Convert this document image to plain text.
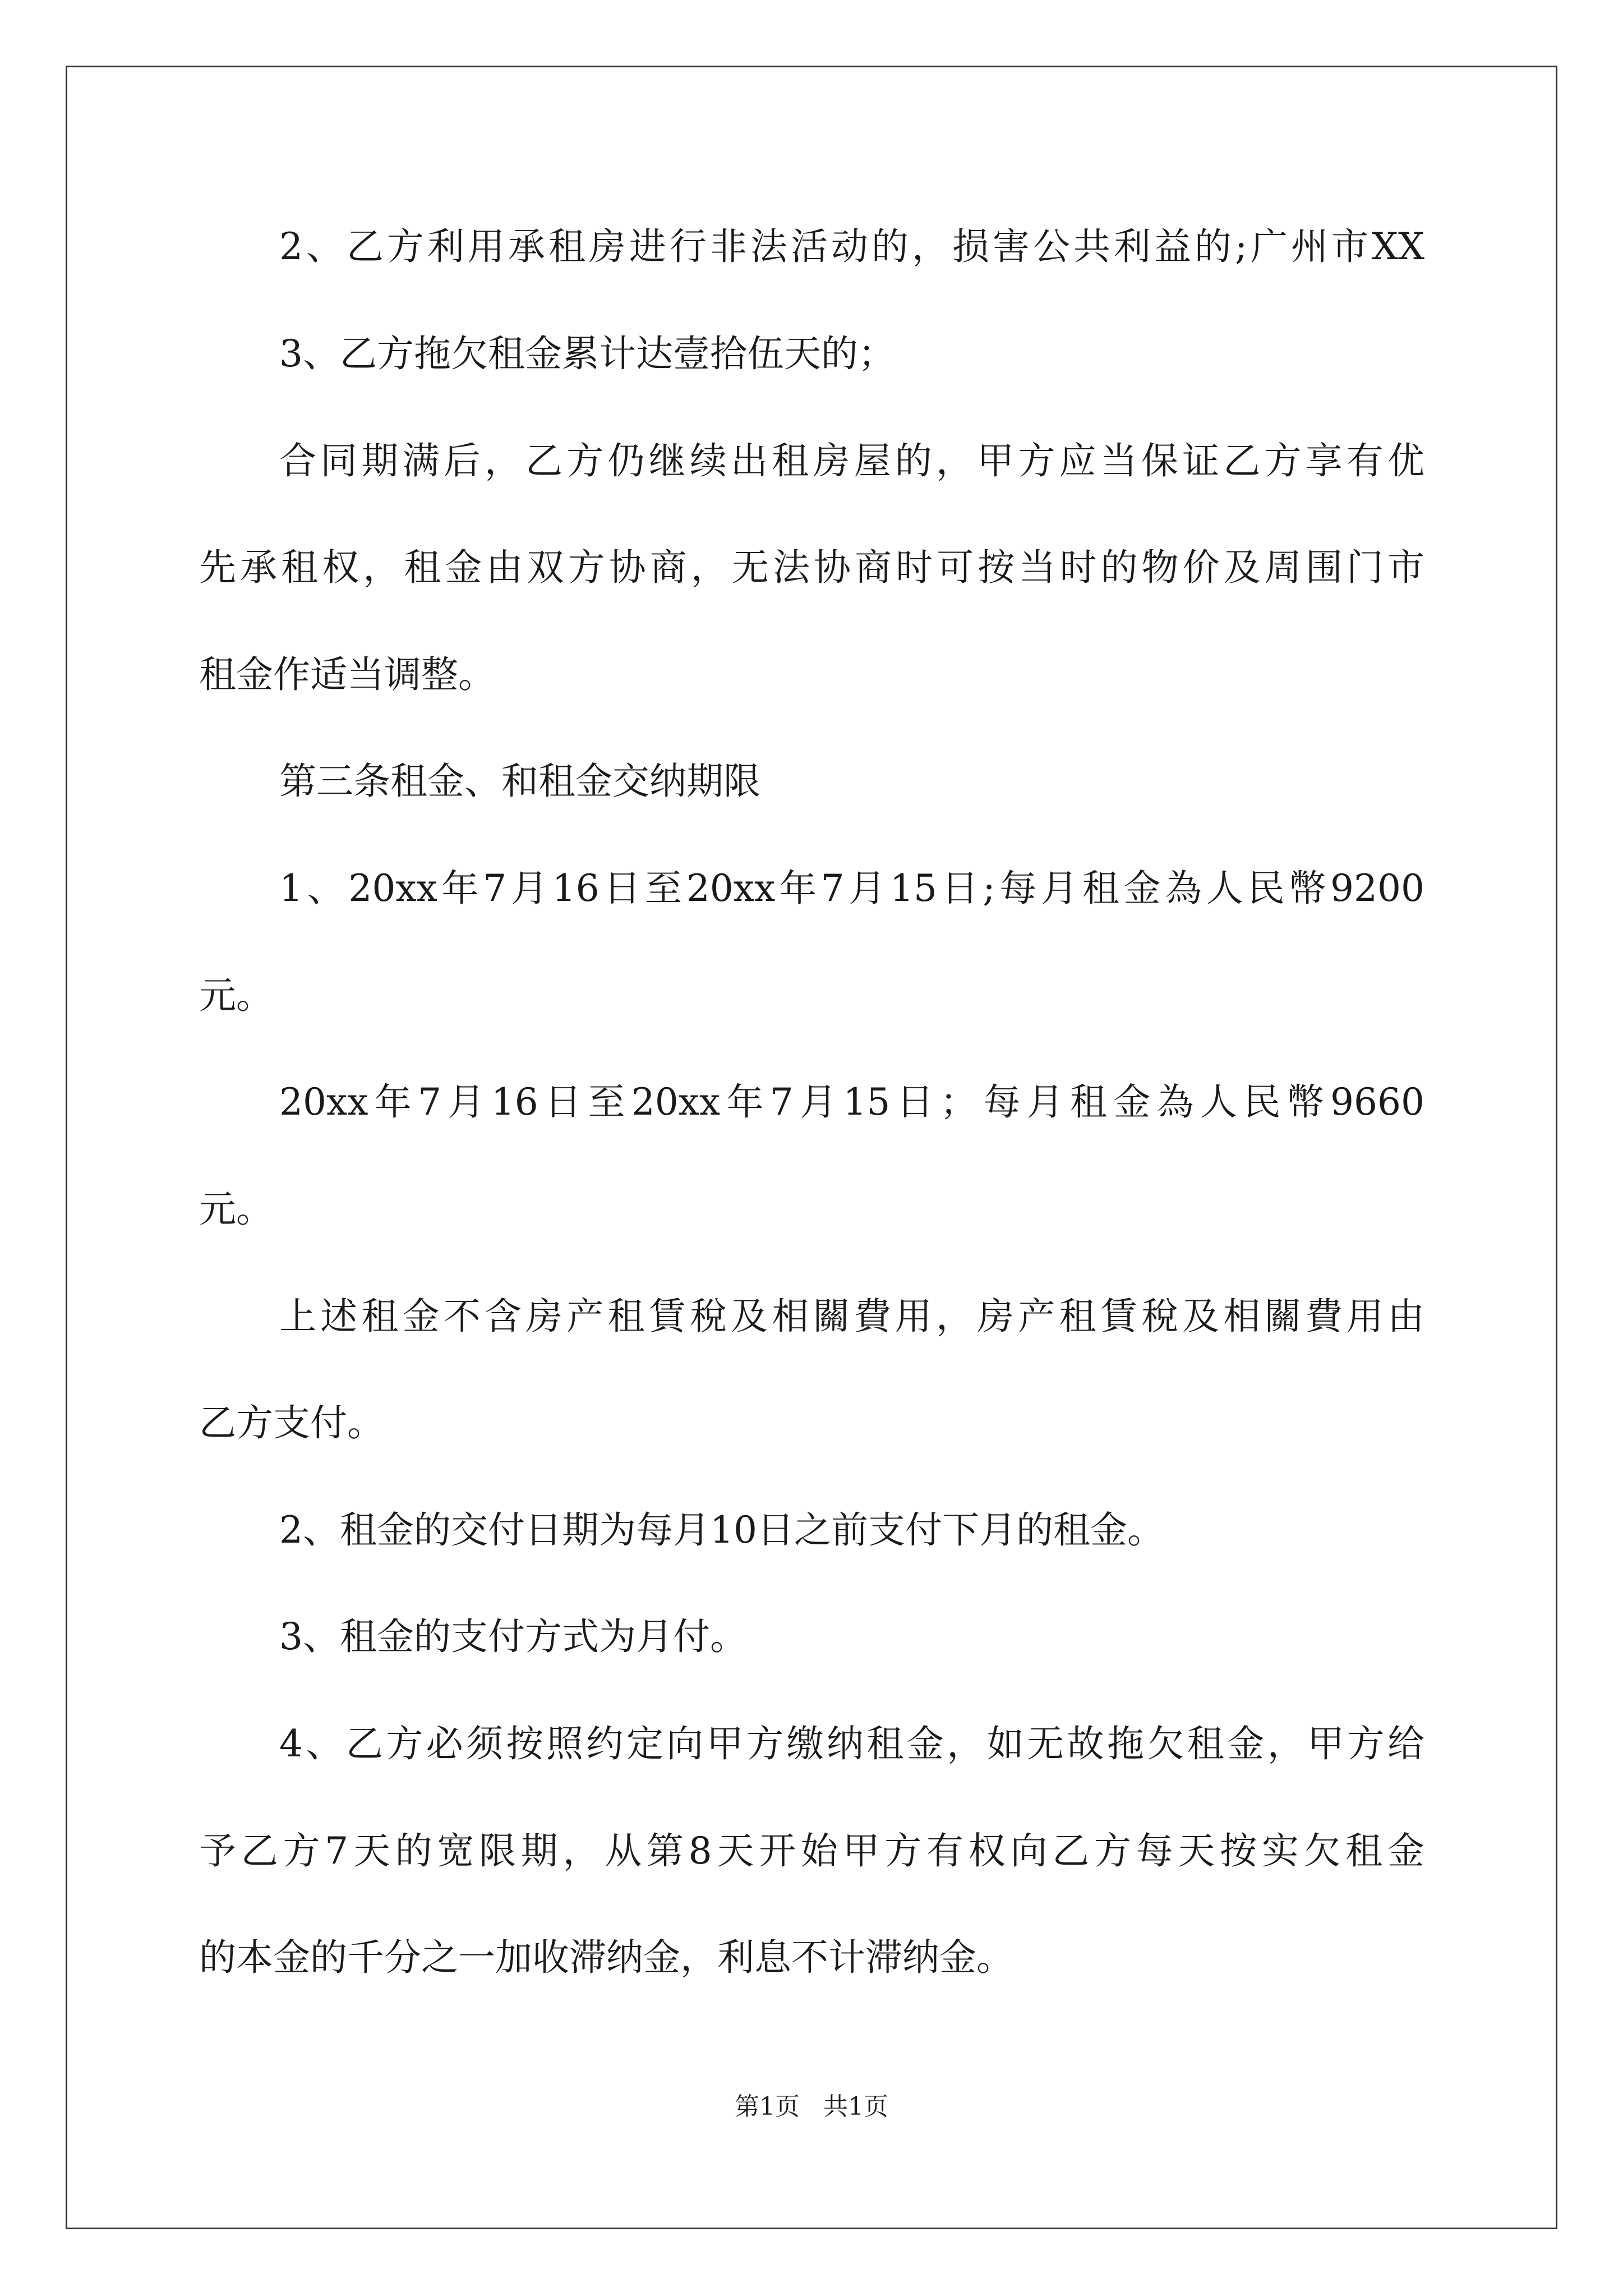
2、乙方利用承租房进行非法活动的，损害公共利益的;广州市XX
3、乙方拖欠租金累计达壹拾伍天的；
合同期满后，乙方仍继续出租房屋的，甲方应当保证乙方享有优
先承租权，租金由双方协商，无法协商时可按当时的物价及周围门市
租金作适当调整。
第三条租金、和租金交纳期限
1、20xx年7月16日至20xx年7月15日;每月租金為人民幣9200
元。
20xx年7月16日至20xx年7月15日；每月租金為人民幣9660
元。
上述租金不含房产租賃稅及相關費用，房产租賃稅及相關費用由
乙方支付。
2、租金的交付日期为每月10日之前支付下月的租金。
3、租金的支付方式为月付。
4、乙方必须按照约定向甲方缴纳租金，如无故拖欠租金，甲方给
予乙方7天的宽限期，从第8天开始甲方有权向乙方每天按实欠租金
的本金的千分之一加收滞纳金，利息不计滞纳金。
第1页 共1页
